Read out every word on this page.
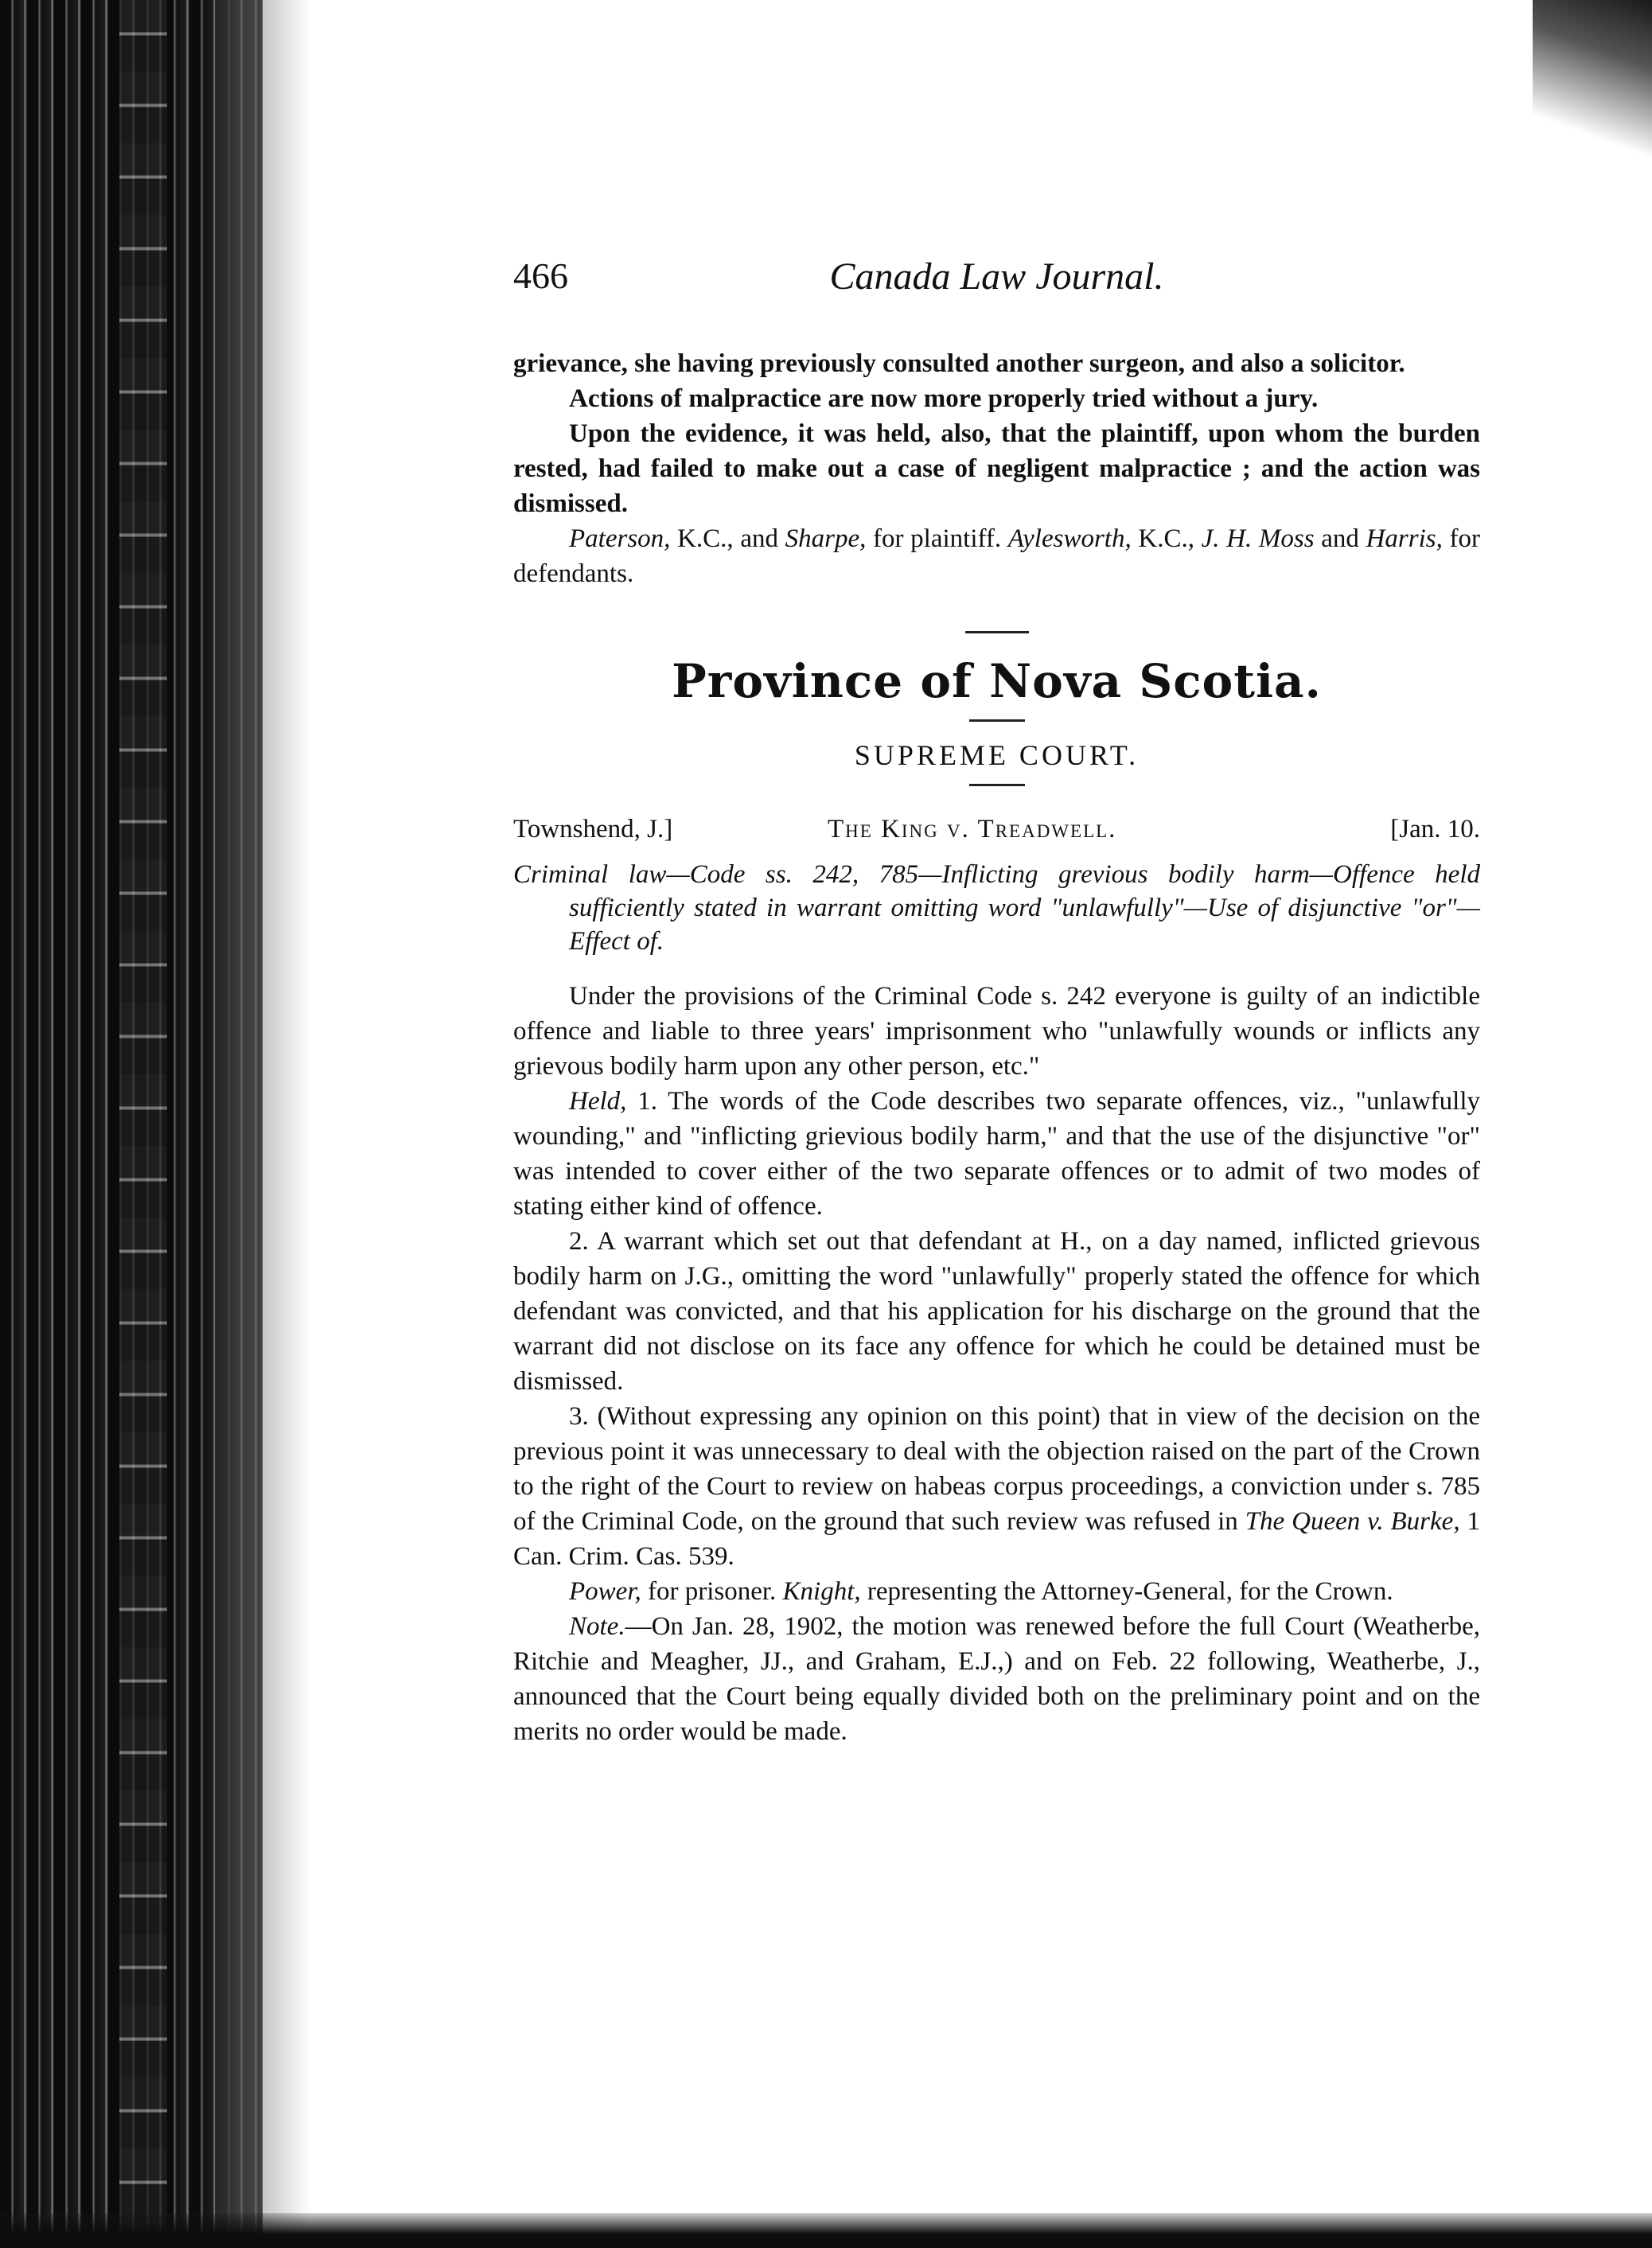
466	Canada Law Journal.

grievance, she having previously consulted another surgeon, and also a solicitor.

Actions of malpractice are now more properly tried without a jury.

Upon the evidence, it was held, also, that the plaintiff, upon whom the burden rested, had failed to make out a case of negligent malpractice ; and the action was dismissed.

Paterson, K.C., and Sharpe, for plaintiff. Aylesworth, K.C., J. H. Moss and Harris, for defendants.

Province of Nova Scotia.

SUPREME COURT.

Townshend, J.]	The King v. Treadwell.	[Jan. 10.

Criminal law—Code ss. 242, 785—Inflicting grevious bodily harm—Offence held sufficiently stated in warrant omitting word "unlawfully"—Use of disjunctive "or"—Effect of.

Under the provisions of the Criminal Code s. 242 everyone is guilty of an indictible offence and liable to three years' imprisonment who "unlawfully wounds or inflicts any grievous bodily harm upon any other person, etc."

Held, 1. The words of the Code describes two separate offences, viz., "unlawfully wounding," and "inflicting grievious bodily harm," and that the use of the disjunctive "or" was intended to cover either of the two separate offences or to admit of two modes of stating either kind of offence.

2. A warrant which set out that defendant at H., on a day named, inflicted grievous bodily harm on J.G., omitting the word "unlawfully" properly stated the offence for which defendant was convicted, and that his application for his discharge on the ground that the warrant did not disclose on its face any offence for which he could be detained must be dismissed.

3. (Without expressing any opinion on this point) that in view of the decision on the previous point it was unnecessary to deal with the objection raised on the part of the Crown to the right of the Court to review on habeas corpus proceedings, a conviction under s. 785 of the Criminal Code, on the ground that such review was refused in The Queen v. Burke, 1 Can. Crim. Cas. 539.

Power, for prisoner. Knight, representing the Attorney-General, for the Crown.

Note.—On Jan. 28, 1902, the motion was renewed before the full Court (Weatherbe, Ritchie and Meagher, JJ., and Graham, E.J.,) and on Feb. 22 following, Weatherbe, J., announced that the Court being equally divided both on the preliminary point and on the merits no order would be made.
